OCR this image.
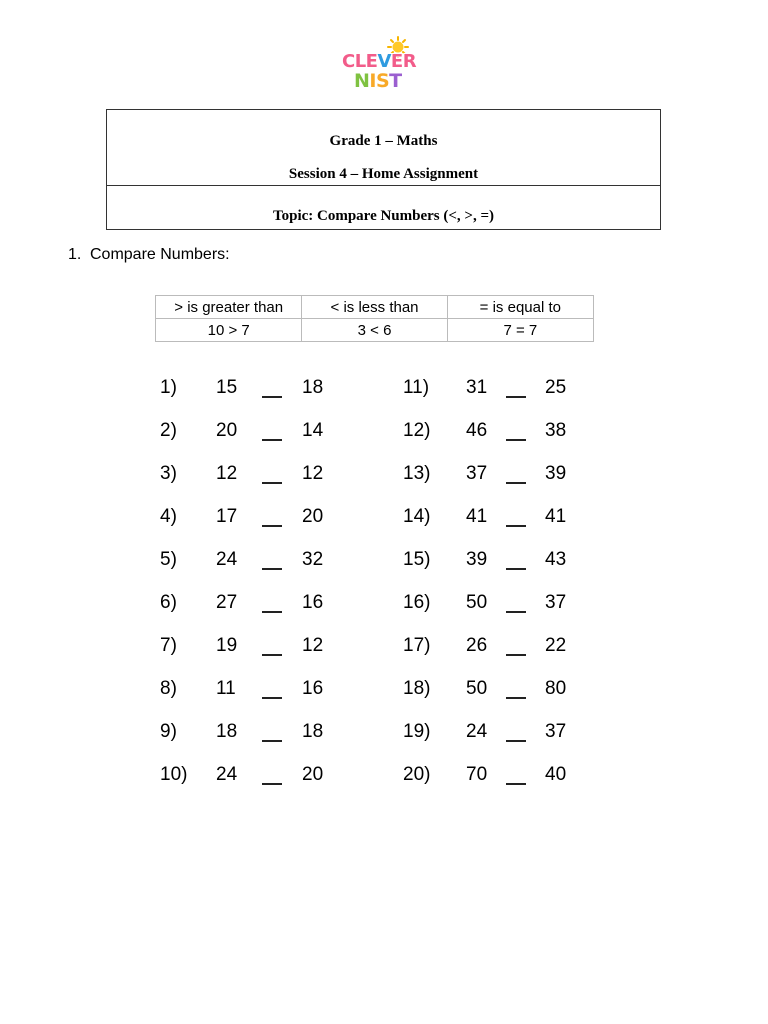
CLEVER
NIST
Grade 1 – Maths
Session 4 – Home Assignment
Topic: Compare Numbers (<, >, =)
1. Compare Numbers:
> is greater than	< is less than	= is equal to
10 > 7	3 < 6	7 = 7
1) 15	18
2) 20	14
3) 12	12
4) 17	20
5) 24	32
6) 27	16
7) 19	12
8) 11	16
9) 18	18
10) 24	20
11) 31	25
12) 46	38
13) 37	39
14) 41	41
15) 39	43
16) 50	37
17) 26	22
18) 50	80
19) 24	37
20) 70	40
